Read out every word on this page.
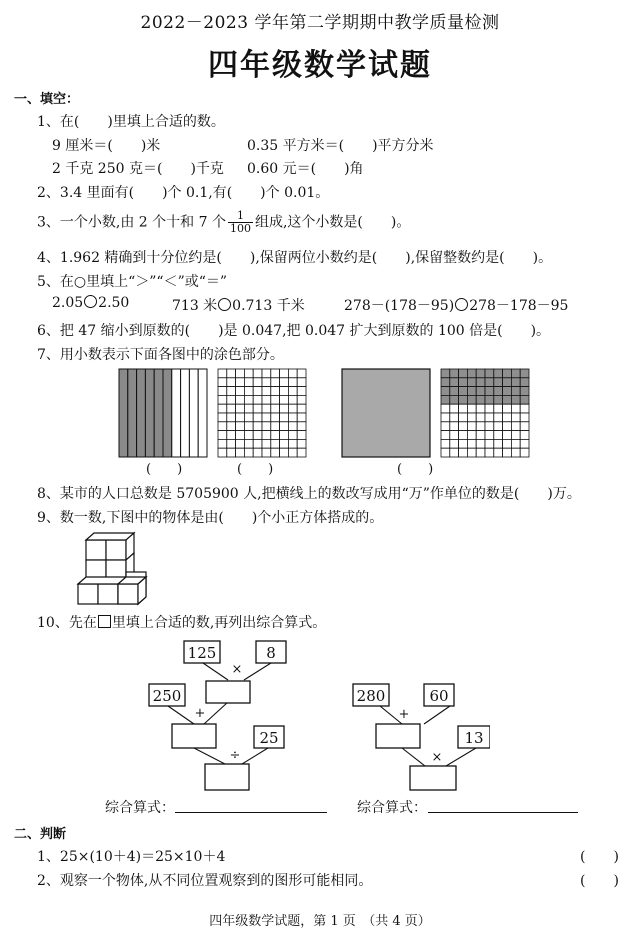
2022－2023 学年第二学期期中教学质量检测
四年级数学试题
一、填空：
1、在(　　)里填上合适的数。
9 厘米＝(　　)米	0.35 平方米＝(　　)平方分米
2 千克 250 克＝(　　)千克 0.60 元＝(　　)角
2、3.4 里面有(　　)个 0.1,有(　　)个 0.01。
3、一个小数,由 2 个十和 7 个 $\frac{1}{100}$ 组成,这个小数是(　　)。
4、1.962 精确到十分位约是(　　),保留两位小数约是(　　),保留整数约是(　　)。
5、在○里填上“＞”“＜”或“＝”
2.05 2.50	713 米 0.713 千米	278－(178－95) 278－178－95
6、把 47 缩小到原数的(　　)是 0.047,把 0.047 扩大到原数的 100 倍是(　　)。
7、用小数表示下面各图中的涂色部分。
(　　)	(　　)	(　　)
8、某市的人口总数是 5705900 人,把横线上的数改写成用“万”作单位的数是(　　)万。
9、数一数,下图中的物体是由(　　)个小正方体搭成的。
10、先在 里填上合适的数,再列出综合算式。
125	8
×
250
+
25
÷
280	60
+
13
×
综合算式：	综合算式：
二、判断
1、25×(10＋4)＝25×10＋4	(　　)
2、观察一个物体,从不同位置观察到的图形可能相同。	(　　)
四年级数学试题，第 1 页　（共 4 页）
